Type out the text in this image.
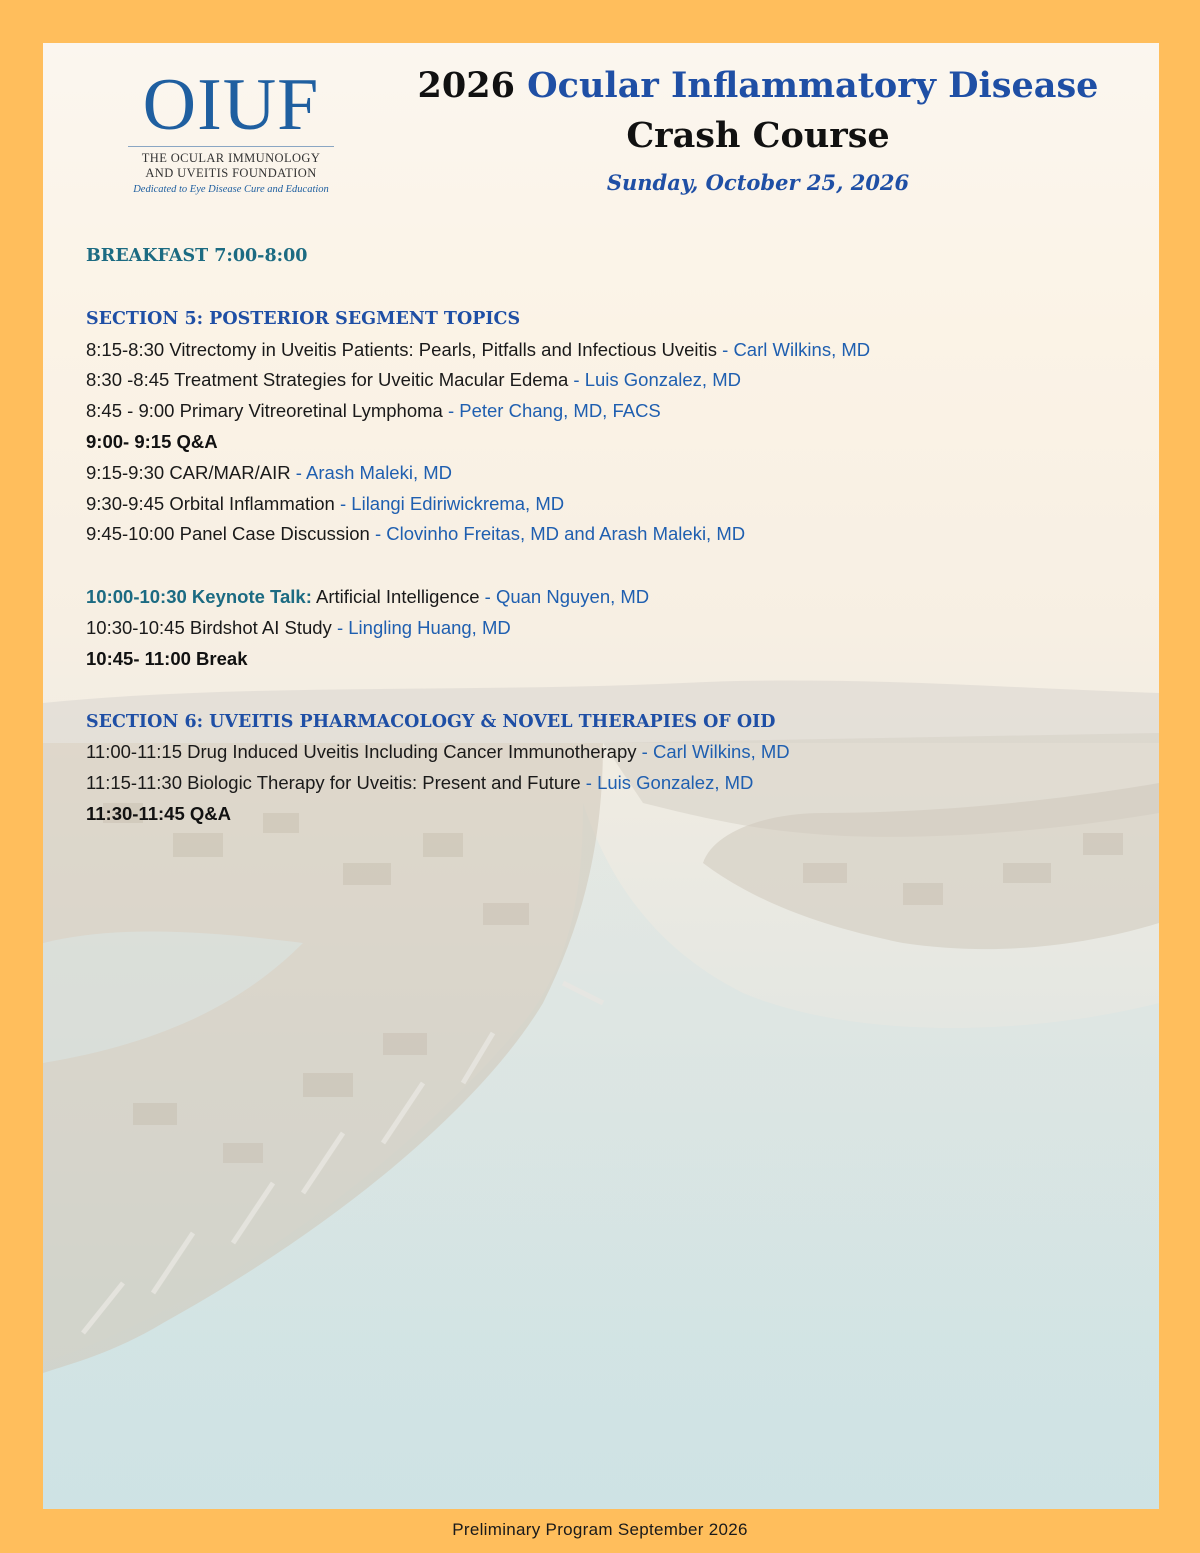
OIUF
THE OCULAR IMMUNOLOGY
AND UVEITIS FOUNDATION
Dedicated to Eye Disease Cure and Education

2026 Ocular Inflammatory Disease

Crash Course

Sunday, October 25, 2026

BREAKFAST 7:00-8:00

SECTION 5: POSTERIOR SEGMENT TOPICS

8:15-8:30 Vitrectomy in Uveitis Patients: Pearls, Pitfalls and Infectious Uveitis - Carl Wilkins, MD

8:30 -8:45 Treatment Strategies for Uveitic Macular Edema - Luis Gonzalez, MD

8:45 - 9:00 Primary Vitreoretinal Lymphoma - Peter Chang, MD, FACS

9:00- 9:15 Q&A

9:15-9:30 CAR/MAR/AIR - Arash Maleki, MD

9:30-9:45 Orbital Inflammation - Lilangi Ediriwickrema, MD

9:45-10:00 Panel Case Discussion - Clovinho Freitas, MD and Arash Maleki, MD

10:00-10:30 Keynote Talk: Artificial Intelligence - Quan Nguyen, MD

10:30-10:45 Birdshot AI Study - Lingling Huang, MD

10:45- 11:00 Break

SECTION 6: UVEITIS PHARMACOLOGY & NOVEL THERAPIES OF OID

11:00-11:15 Drug Induced Uveitis Including Cancer Immunotherapy - Carl Wilkins, MD

11:15-11:30 Biologic Therapy for Uveitis: Present and Future - Luis Gonzalez, MD

11:30-11:45 Q&A

Preliminary Program September 2026
